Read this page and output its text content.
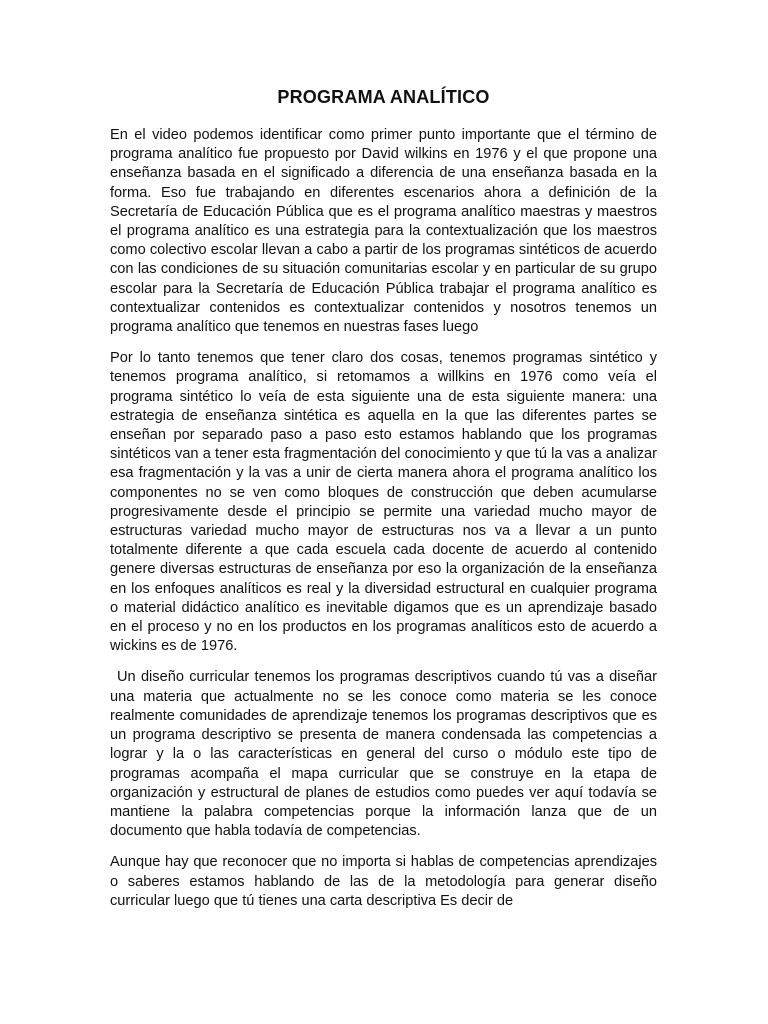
PROGRAMA ANALÍTICO

En el video podemos identificar como primer punto importante que el término de programa analítico fue propuesto por David wilkins en 1976 y el que propone una enseñanza basada en el significado a diferencia de una enseñanza basada en la forma. Eso fue trabajando en diferentes escenarios ahora a definición de la Secretaría de Educación Pública que es el programa analítico maestras y maestros el programa analítico es una estrategia para la contextualización que los maestros como colectivo escolar llevan a cabo a partir de los programas sintéticos de acuerdo con las condiciones de su situación comunitarias escolar y en particular de su grupo escolar para la Secretaría de Educación Pública trabajar el programa analítico es contextualizar contenidos es contextualizar contenidos y nosotros tenemos un programa analítico que tenemos en nuestras fases luego

Por lo tanto tenemos que tener claro dos cosas, tenemos programas sintético y tenemos programa analítico, si retomamos a willkins en 1976 como veía el programa sintético lo veía de esta siguiente una de esta siguiente manera: una estrategia de enseñanza sintética es aquella en la que las diferentes partes se enseñan por separado paso a paso esto estamos hablando que los programas sintéticos van a tener esta fragmentación del conocimiento y que tú la vas a analizar esa fragmentación y la vas a unir de cierta manera ahora el programa analítico los componentes no se ven como bloques de construcción que deben acumularse progresivamente desde el principio se permite una variedad mucho mayor de estructuras variedad mucho mayor de estructuras nos va a llevar a un punto totalmente diferente a que cada escuela cada docente de acuerdo al contenido genere diversas estructuras de enseñanza por eso la organización de la enseñanza en los enfoques analíticos es real y la diversidad estructural en cualquier programa o material didáctico analítico es inevitable digamos que es un aprendizaje basado en el proceso y no en los productos en los programas analíticos esto de acuerdo a wickins es de 1976.

Un diseño curricular tenemos los programas descriptivos cuando tú vas a diseñar una materia que actualmente no se les conoce como materia se les conoce realmente comunidades de aprendizaje tenemos los programas descriptivos que es un programa descriptivo se presenta de manera condensada las competencias a lograr y la o las características en general del curso o módulo este tipo de programas acompaña el mapa curricular que se construye en la etapa de organización y estructural de planes de estudios como puedes ver aquí todavía se mantiene la palabra competencias porque la información lanza que de un documento que habla todavía de competencias.

Aunque hay que reconocer que no importa si hablas de competencias aprendizajes o saberes estamos hablando de las de la metodología para generar diseño curricular luego que tú tienes una carta descriptiva Es decir de
